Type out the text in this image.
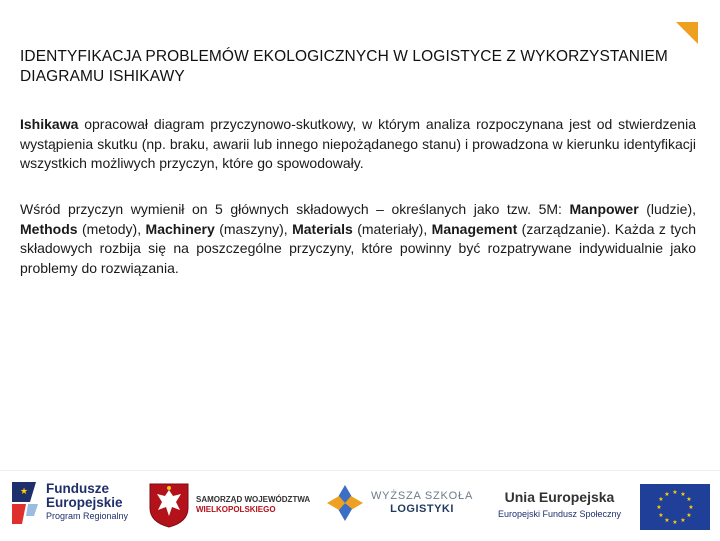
IDENTYFIKACJA PROBLEMÓW EKOLOGICZNYCH W LOGISTYCE Z WYKORZYSTANIEM DIAGRAMU ISHIKAWY
Ishikawa opracował diagram przyczynowo-skutkowy, w którym analiza rozpoczynana jest od stwierdzenia wystąpienia skutku (np. braku, awarii lub innego niepożądanego stanu) i prowadzona w kierunku identyfikacji wszystkich możliwych przyczyn, które go spowodowały.
Wśród przyczyn wymienił on 5 głównych składowych – określanych jako tzw. 5M: Manpower (ludzie), Methods (metody), Machinery (maszyny), Materials (materiały), Management (zarządzanie). Każda z tych składowych rozbija się na poszczególne przyczyny, które powinny być rozpatrywane indywidualnie jako problemy do rozwiązania.
★ Fundusze
Europejskie
Program Regionalny
SAMORZĄD WOJEWÓDZTWA
WIELKOPOLSKIEGO
WYŻSZA SZKOŁA
LOGISTYKI
Unia Europejska
Europejski Fundusz Społeczny
★ ★
★
★
★
★
★
★
★
★
★
★
